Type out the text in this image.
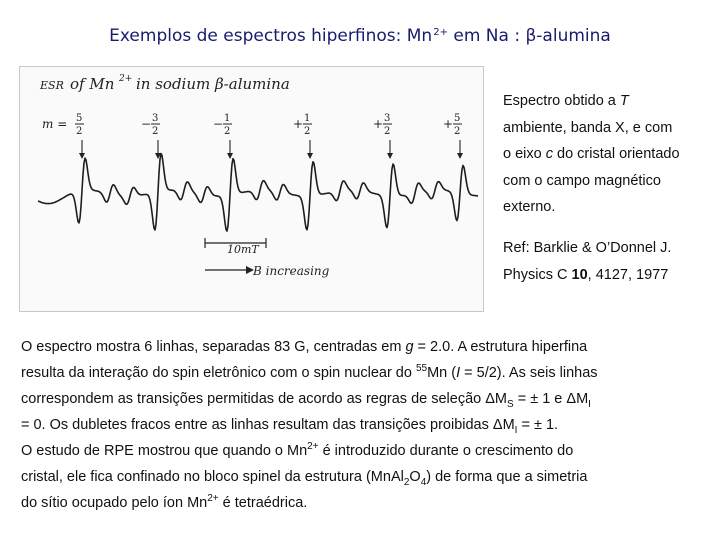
Exemplos de espectros hiperfinos: $Mn^{2+}$ em Na : β-alumina
ESR of Mn 2+ in sodium β-alumina
m = 5
2
− 3
2
− 1
2
+ 1
2
+ 3
2
+ 5
2
10mT
B increasing

Espectro obtido a T

ambiente, banda X, e com

o eixo c do cristal orientado

com o campo magnético

externo.

Ref: Barklie & O’Donnel J.

Physics C 10, 4127, 1977

O espectro mostra 6 linhas, separadas 83 G, centradas em g = 2.0. A estrutura hiperfina

resulta da interação do spin eletrônico com o spin nuclear do $^{55}$Mn (I = 5/2). As seis linhas

correspondem as transições permitidas de acordo as regras de seleção $\Delta M_S$ = ± 1 e $\Delta M_I$

= 0. Os dubletes fracos entre as linhas resultam das transições proibidas $\Delta M_I$ = ± 1.

O estudo de RPE mostrou que quando o $Mn^{2+}$ é introduzido durante o crescimento do

cristal, ele fica confinado no bloco spinel da estrutura $(MnAl_2O_4)$ de forma que a simetria

do sítio ocupado pelo íon $Mn^{2+}$ é tetraédrica.
